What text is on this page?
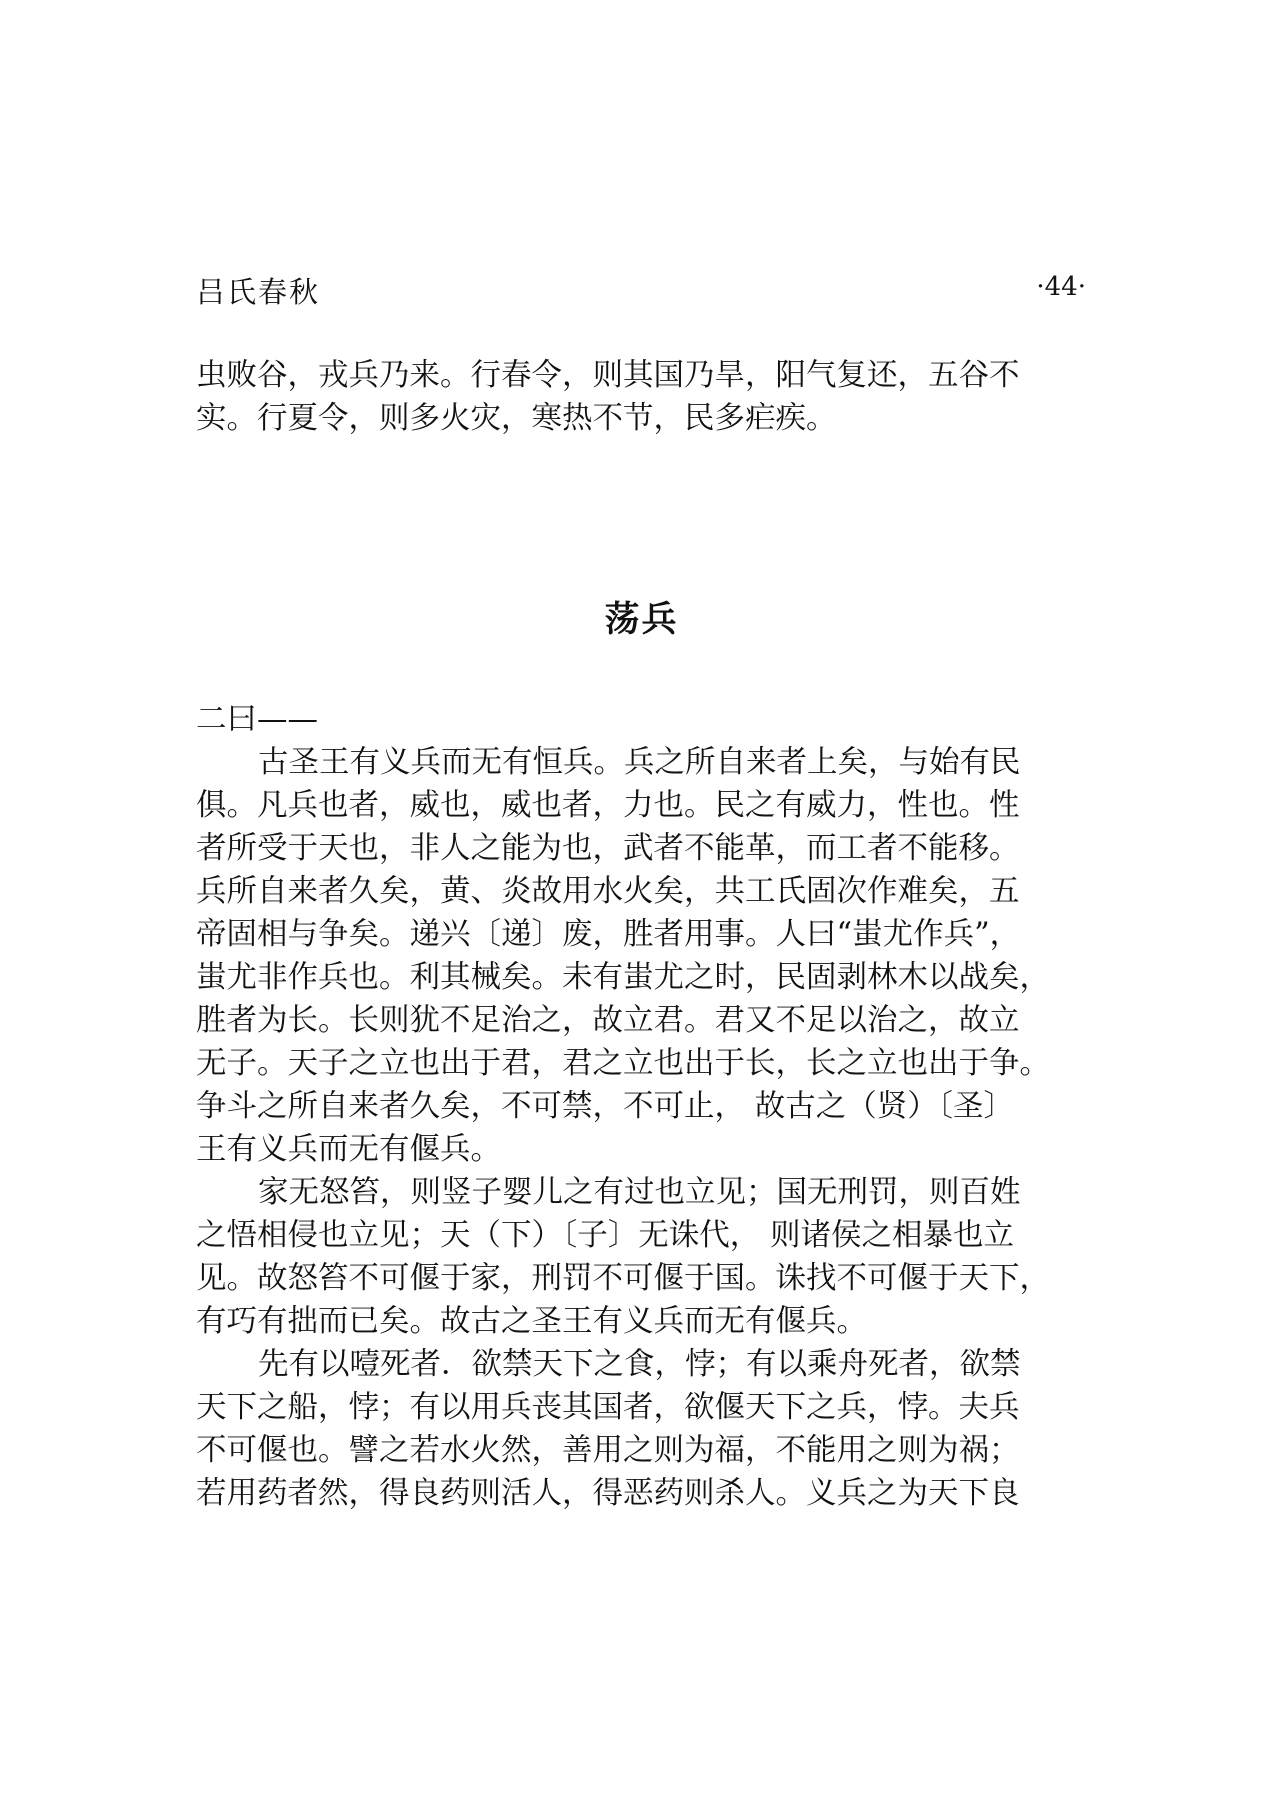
吕氏春秋	·44·
虫败谷，戎兵乃来。行春令，则其国乃旱，阳气复还，五谷不
实。行夏令，则多火灾，寒热不节，民多疟疾。
荡兵
二曰——
古圣王有义兵而无有恒兵。兵之所自来者上矣，与始有民
俱。凡兵也者，威也，威也者，力也。民之有威力，性也。性
者所受于天也，非人之能为也，武者不能革，而工者不能移。
兵所自来者久矣，黄、炎故用水火矣，共工氏固次作难矣，五
帝固相与争矣。递兴〔递〕废，胜者用事。人曰“蚩尤作兵”，
蚩尤非作兵也。利其械矣。未有蚩尤之时，民固剥林木以战矣，
胜者为长。长则犹不足治之，故立君。君又不足以治之，故立
无子。天子之立也出于君，君之立也出于长，长之立也出于争。
争斗之所自来者久矣，不可禁，不可止， 故古之（贤）〔圣〕
王有义兵而无有偃兵。
家无怒笞，则竖子婴儿之有过也立见；国无刑罚，则百姓
之悟相侵也立见；天（下）〔子〕无诛代， 则诸侯之相暴也立
见。故怒笞不可偃于家，刑罚不可偃于国。诛找不可偃于天下，
有巧有拙而已矣。故古之圣王有义兵而无有偃兵。
先有以噎死者．欲禁天下之食，悖；有以乘舟死者，欲禁
天下之船，悖；有以用兵丧其国者，欲偃天下之兵，悖。夫兵
不可偃也。譬之若水火然，善用之则为福，不能用之则为祸；
若用药者然，得良药则活人，得恶药则杀人。义兵之为天下良
